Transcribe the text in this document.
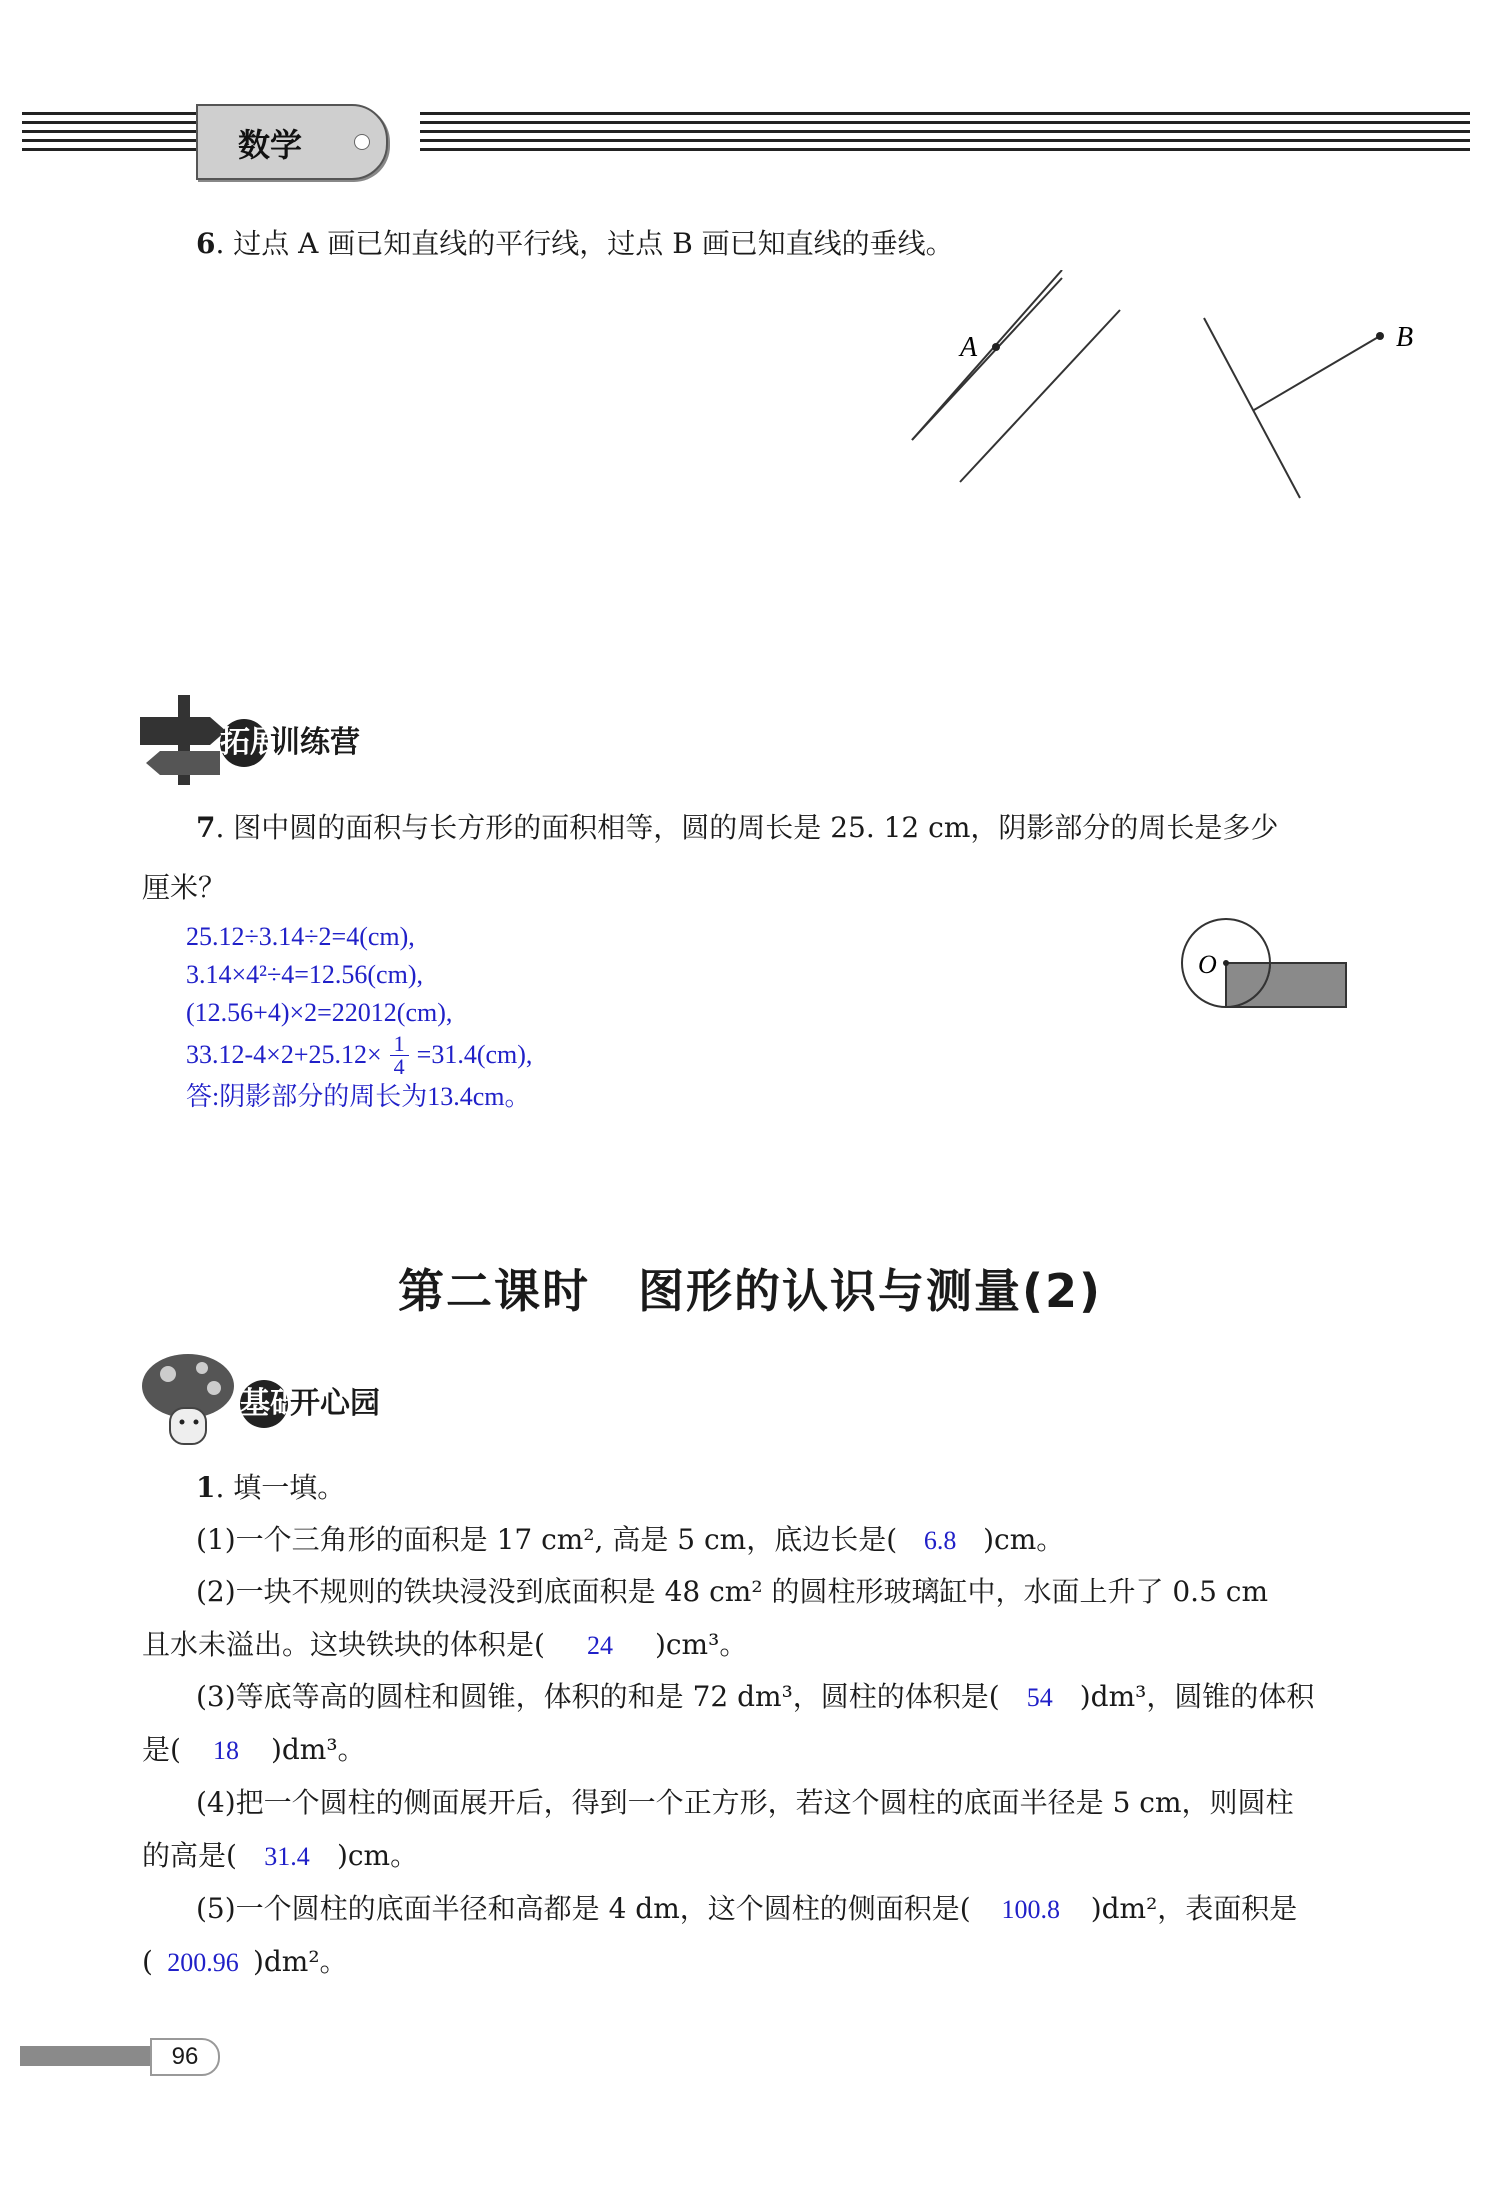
数学
6. 过点 A 画已知直线的平行线，过点 B 画已知直线的垂线。
A	B
拓展训练营
7. 图中圆的面积与长方形的面积相等，圆的周长是 25. 12 cm，阴影部分的周长是多少
厘米？
25.12÷3.14÷2=4(cm),
3.14×4²÷4=12.56(cm),
(12.56+4)×2=22012(cm),
$33.12-4\times 2+25.12\times \frac{1}{4} =31.4(cm)$,
答:阴影部分的周长为13.4cm。
O
第二课时　图形的认识与测量(2)
基础开心园
1. 填一填。
(1)一个三角形的面积是 17 cm², 高是 5 cm，底边长是( 6.8 )cm。
(2)一块不规则的铁块浸没到底面积是 48 cm² 的圆柱形玻璃缸中，水面上升了 0.5 cm
且水未溢出。这块铁块的体积是( 24 )cm³。
(3)等底等高的圆柱和圆锥，体积的和是 72 dm³，圆柱的体积是( 54 )dm³，圆锥的体积
是( 18 )dm³。
(4)把一个圆柱的侧面展开后，得到一个正方形，若这个圆柱的底面半径是 5 cm，则圆柱
的高是( 31.4 )cm。
(5)一个圆柱的底面半径和高都是 4 dm，这个圆柱的侧面积是( 100.8 )dm²，表面积是
( 200.96 )dm²。
96
